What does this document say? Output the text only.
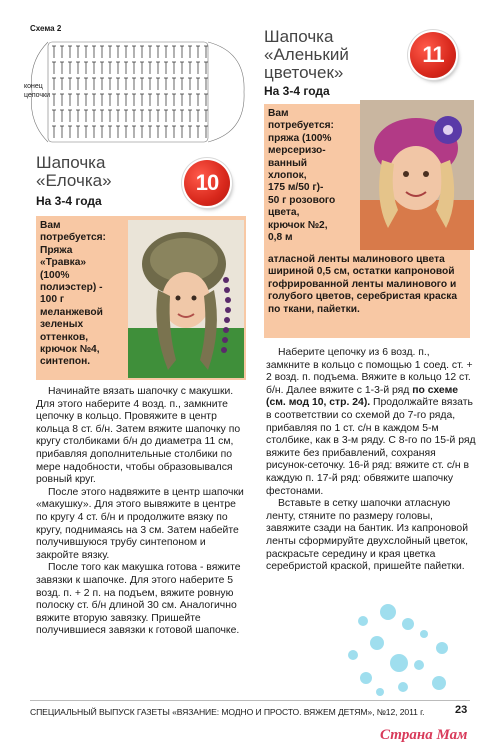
Схема 2
конец
цепочки
Шапочка
«Аленький
цветочек»
На 3-4 года
11
Вам
потребуется:
пряжа (100%
мерсеризо-
ванный
хлопок,
175 м/50 г)-
50 г розового
цвета,
крючок №2,
0,8 м
атласной ленты малинового цвета шириной 0,5 см, остатки капроновой гофрированной ленты малинового и голубого цветов, серебристая краска по ткани, пайетки.

Наберите цепочку из 6 возд. п., замкните в кольцо с помощью 1 соед. ст. + 2 возд. п. подъема. Вяжите в кольцо 12 ст. б/н. Далее вяжите с 1-3-й ряд по схеме (см. мод 10, стр. 24). Продолжайте вязать в соответствии со схемой до 7-го ряда, прибавляя по 1 ст. с/н в каждом 5-м столбике, как в 3-м ряду. С 8-го по 15-й ряд вяжите без прибавлений, сохраняя рисунок-сеточку. 16-й ряд: вяжите ст. с/н в каждую п. 17-й ряд: обвяжите шапочку фестонами.

Вставьте в сетку шапочки атласную ленту, стяните по размеру головы, завяжите сзади на бантик. Из капроновой ленты сформируйте двухслойный цветок, раскрасьте середину и края цветка серебристой краской, пришейте пайетки.

Шапочка
«Елочка»
На 3-4 года
10
Вам
потребуется:
Пряжа
«Травка»
(100%
полиэстер) -
100 г
меланжевой
зеленых
оттенков,
крючок №4,
синтепон.

Начинайте вязать шапочку с макушки. Для этого наберите 4 возд. п., замкните цепочку в кольцо. Провяжите в центр кольца 8 ст. б/н. Затем вяжите шапочку по кругу столбиками б/н до диаметра 11 см, прибавляя дополнительные столбики по мере надобности, чтобы образовывался ровный круг.

После этого надвяжите в центр шапочки «макушку». Для этого вывяжите в центре по кругу 4 ст. б/н и продолжите вязку по кругу, поднимаясь на 3 см. Затем набейте получившуюся трубу синтепоном и закройте вязку.

После того как макушка готова - вяжите завязки к шапочке. Для этого наберите 5 возд. п. + 2 п. на подъем, вяжите ровную полоску ст. б/н длиной 30 см. Аналогично вяжите вторую завязку. Пришейте получившиеся завязки к готовой шапочке.

СПЕЦИАЛЬНЫЙ ВЫПУСК ГАЗЕТЫ «ВЯЗАНИЕ: МОДНО И ПРОСТО. ВЯЖЕМ ДЕТЯМ», №12, 2011 г.	23
Страна Мам
